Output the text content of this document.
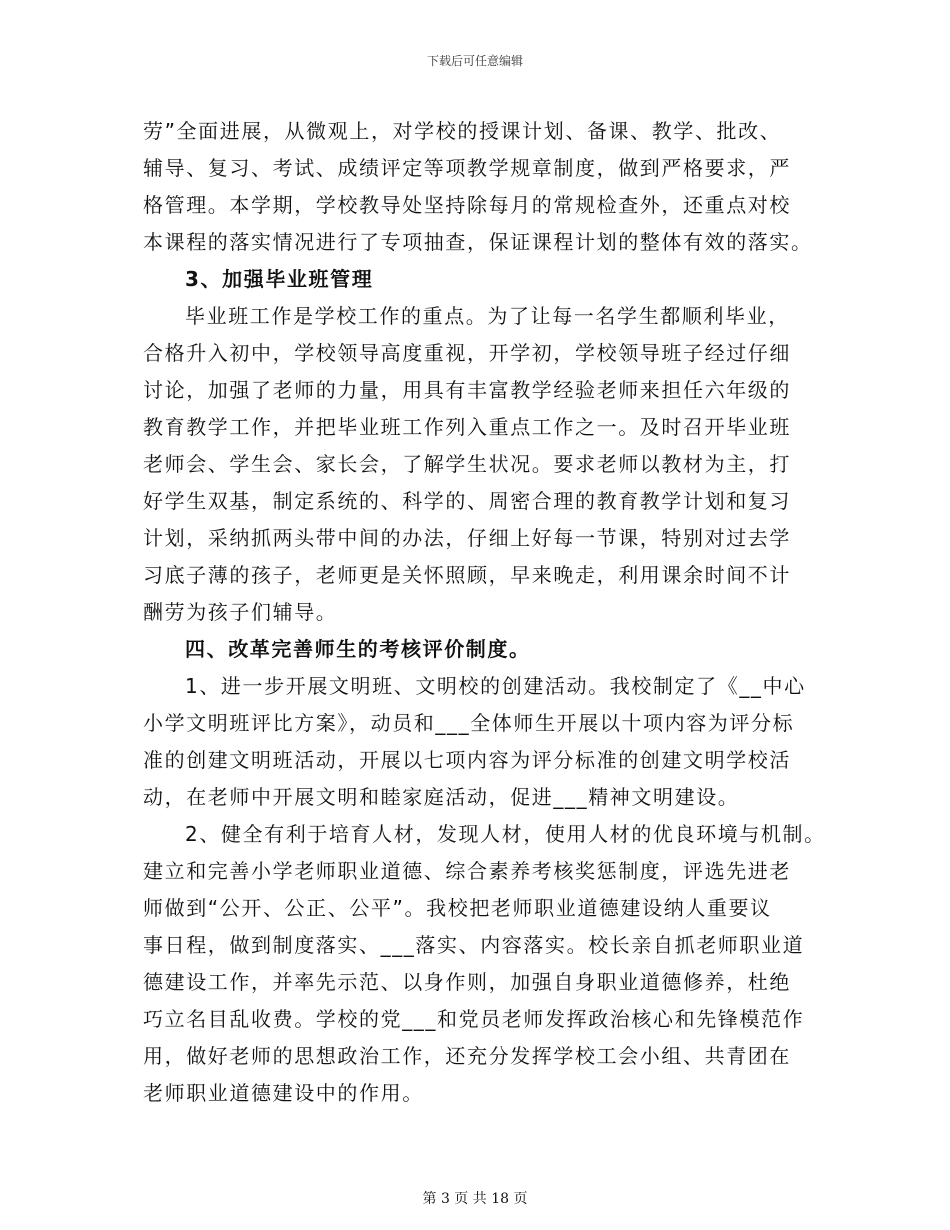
下载后可任意编辑
劳”全面进展，从微观上，对学校的授课计划、备课、教学、批改、
辅导、复习、考试、成绩评定等项教学规章制度，做到严格要求，严
格管理。本学期，学校教导处坚持除每月的常规检查外，还重点对校
本课程的落实情况进行了专项抽查，保证课程计划的整体有效的落实。
3、加强毕业班管理
毕业班工作是学校工作的重点。为了让每一名学生都顺利毕业，
合格升入初中，学校领导高度重视，开学初，学校领导班子经过仔细
讨论，加强了老师的力量，用具有丰富教学经验老师来担任六年级的
教育教学工作，并把毕业班工作列入重点工作之一。及时召开毕业班
老师会、学生会、家长会，了解学生状况。要求老师以教材为主，打
好学生双基，制定系统的、科学的、周密合理的教育教学计划和复习
计划，采纳抓两头带中间的办法，仔细上好每一节课，特别对过去学
习底子薄的孩子，老师更是关怀照顾，早来晚走，利用课余时间不计
酬劳为孩子们辅导。
四、改革完善师生的考核评价制度。
1、进一步开展文明班、文明校的创建活动。我校制定了《__中心
小学文明班评比方案》，动员和___全体师生开展以十项内容为评分标
准的创建文明班活动，开展以七项内容为评分标准的创建文明学校活
动，在老师中开展文明和睦家庭活动，促进___精神文明建设。
2、健全有利于培育人材，发现人材，使用人材的优良环境与机制。
建立和完善小学老师职业道德、综合素养考核奖惩制度，评选先进老
师做到“公开、公正、公平”。我校把老师职业道德建设纳人重要议
事日程，做到制度落实、___落实、内容落实。校长亲自抓老师职业道
德建设工作，并率先示范、以身作则，加强自身职业道德修养，杜绝
巧立名目乱收费。学校的党___和党员老师发挥政治核心和先锋模范作
用，做好老师的思想政治工作，还充分发挥学校工会小组、共青团在
老师职业道德建设中的作用。
第 3 页 共 18 页
